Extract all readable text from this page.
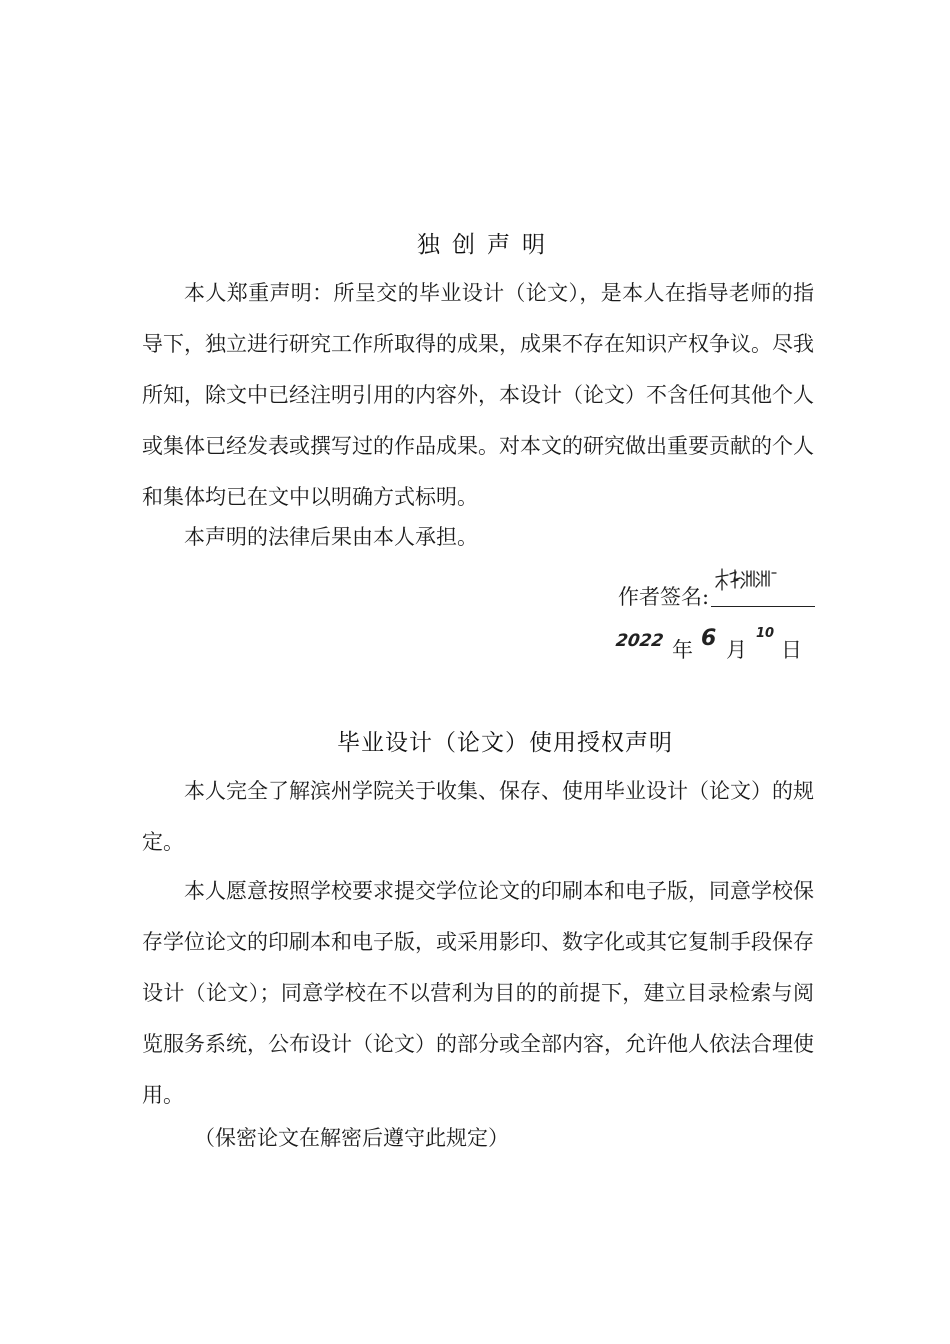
独创声明

本人郑重声明：所呈交的毕业设计（论文），是本人在指导老师的指导下，独立进行研究工作所取得的成果，成果不存在知识产权争议。尽我所知，除文中已经注明引用的内容外，本设计（论文）不含任何其他个人或集体已经发表或撰写过的作品成果。对本文的研究做出重要贡献的个人和集体均已在文中以明确方式标明。

本声明的法律后果由本人承担。

作者签名:
2022 年 6 月
10
日
毕业设计（论文）使用授权声明

本人完全了解滨州学院关于收集、保存、使用毕业设计（论文）的规定。

本人愿意按照学校要求提交学位论文的印刷本和电子版，同意学校保存学位论文的印刷本和电子版，或采用影印、数字化或其它复制手段保存设计（论文）；同意学校在不以营利为目的的前提下，建立目录检索与阅览服务系统，公布设计（论文）的部分或全部内容，允许他人依法合理使用。

（保密论文在解密后遵守此规定）
